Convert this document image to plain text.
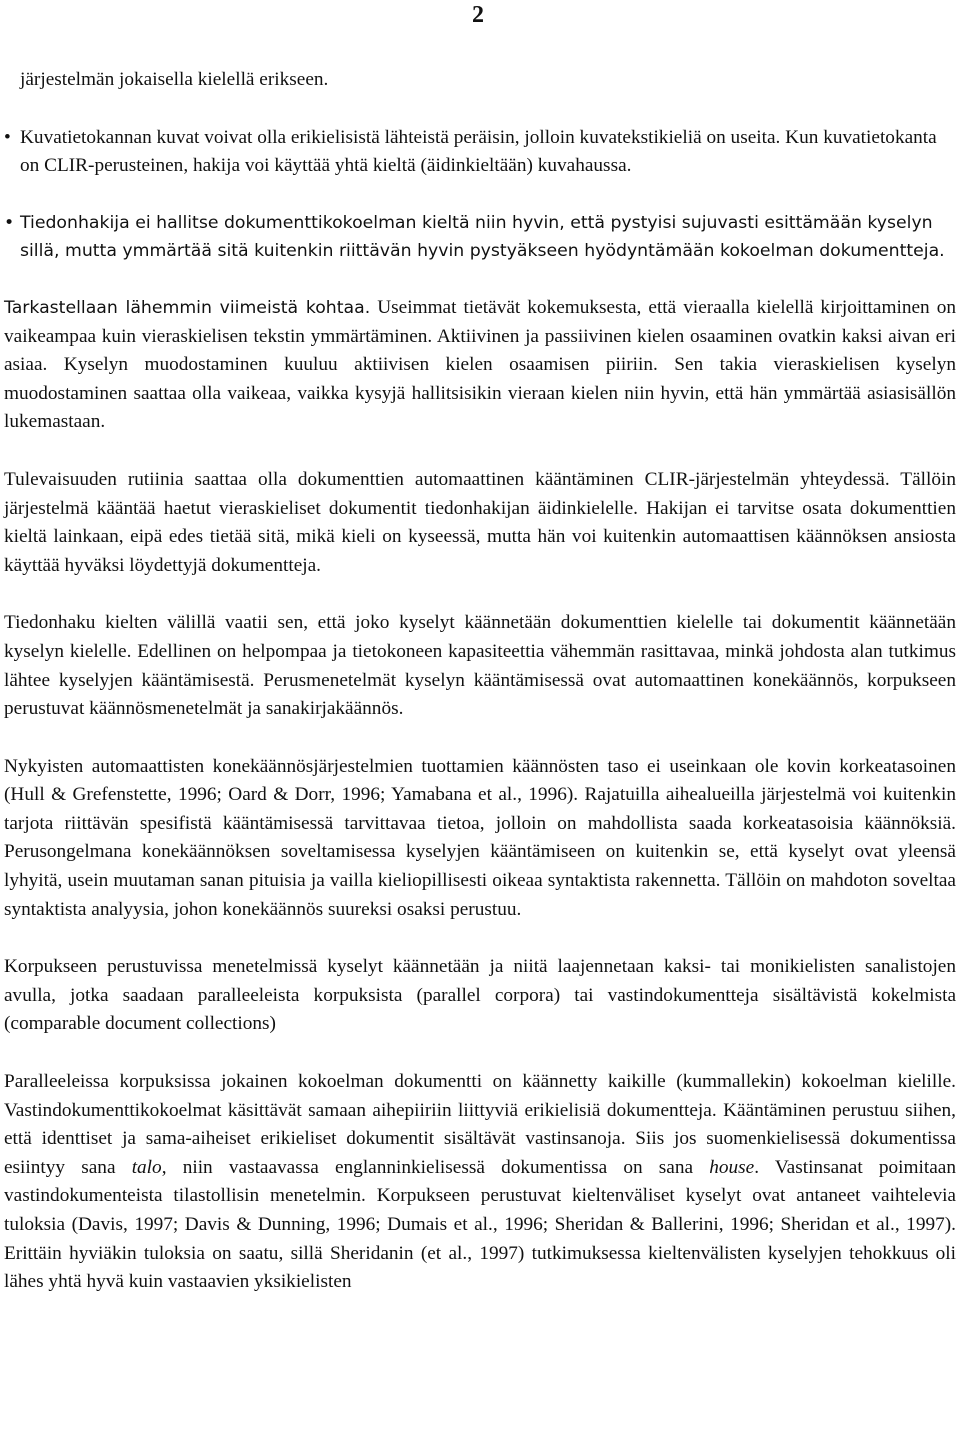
2
järjestelmän jokaisella kielellä erikseen.
• Kuvatietokannan kuvat voivat olla erikielisistä lähteistä peräisin, jolloin kuvatekstikieliä on useita. Kun kuvatietokanta on CLIR-perusteinen, hakija voi käyttää yhtä kieltä (äidinkieltään) kuvahaussa.
• Tiedonhakija ei hallitse dokumenttikokoelman kieltä niin hyvin, että pystyisi sujuvasti esittämään kyselyn sillä, mutta ymmärtää sitä kuitenkin riittävän hyvin pystyäkseen hyödyntämään kokoelman dokumentteja.

Tarkastellaan lähemmin viimeistä kohtaa. Useimmat tietävät kokemuksesta, että vieraalla kielellä kirjoittaminen on vaikeampaa kuin vieraskielisen tekstin ymmärtäminen. Aktiivinen ja passiivinen kielen osaaminen ovatkin kaksi aivan eri asiaa. Kyselyn muodostaminen kuuluu aktiivisen kielen osaamisen piiriin. Sen takia vieraskielisen kyselyn muodostaminen saattaa olla vaikeaa, vaikka kysyjä hallitsisikin vieraan kielen niin hyvin, että hän ymmärtää asiasisällön lukemastaan.

Tulevaisuuden rutiinia saattaa olla dokumenttien automaattinen kääntäminen CLIR-järjestelmän yhteydessä. Tällöin järjestelmä kääntää haetut vieraskieliset dokumentit tiedonhakijan äidinkielelle. Hakijan ei tarvitse osata dokumenttien kieltä lainkaan, eipä edes tietää sitä, mikä kieli on kyseessä, mutta hän voi kuitenkin automaattisen käännöksen ansiosta käyttää hyväksi löydettyjä dokumentteja.

Tiedonhaku kielten välillä vaatii sen, että joko kyselyt käännetään dokumenttien kielelle tai dokumentit käännetään kyselyn kielelle. Edellinen on helpompaa ja tietokoneen kapasiteettia vähemmän rasittavaa, minkä johdosta alan tutkimus lähtee kyselyjen kääntämisestä. Perusmenetelmät kyselyn kääntämisessä ovat automaattinen konekäännös, korpukseen perustuvat käännösmenetelmät ja sanakirjakäännös.

Nykyisten automaattisten konekäännösjärjestelmien tuottamien käännösten taso ei useinkaan ole kovin korkeatasoinen (Hull & Grefenstette, 1996; Oard & Dorr, 1996; Yamabana et al., 1996). Rajatuilla aihealueilla järjestelmä voi kuitenkin tarjota riittävän spesifistä kääntämisessä tarvittavaa tietoa, jolloin on mahdollista saada korkeatasoisia käännöksiä. Perusongelmana konekäännöksen soveltamisessa kyselyjen kääntämiseen on kuitenkin se, että kyselyt ovat yleensä lyhyitä, usein muutaman sanan pituisia ja vailla kieliopillisesti oikeaa syntaktista rakennetta. Tällöin on mahdoton soveltaa syntaktista analyysia, johon konekäännös suureksi osaksi perustuu.

Korpukseen perustuvissa menetelmissä kyselyt käännetään ja niitä laajennetaan kaksi- tai monikielisten sanalistojen avulla, jotka saadaan paralleeleista korpuksista (parallel corpora) tai vastindokumentteja sisältävistä kokelmista (comparable document collections)

Paralleeleissa korpuksissa jokainen kokoelman dokumentti on käännetty kaikille (kummallekin) kokoelman kielille. Vastindokumenttikokoelmat käsittävät samaan aihepiiriin liittyviä erikielisiä dokumentteja. Kääntäminen perustuu siihen, että identtiset ja sama-aiheiset erikieliset dokumentit sisältävät vastinsanoja. Siis jos suomenkielisessä dokumentissa esiintyy sana talo, niin vastaavassa englanninkielisessä dokumentissa on sana house. Vastinsanat poimitaan vastindokumenteista tilastollisin menetelmin. Korpukseen perustuvat kieltenväliset kyselyt ovat antaneet vaihtelevia tuloksia (Davis, 1997; Davis & Dunning, 1996; Dumais et al., 1996; Sheridan & Ballerini, 1996; Sheridan et al., 1997). Erittäin hyviäkin tuloksia on saatu, sillä Sheridanin (et al., 1997) tutkimuksessa kieltenvälisten kyselyjen tehokkuus oli lähes yhtä hyvä kuin vastaavien yksikielisten
